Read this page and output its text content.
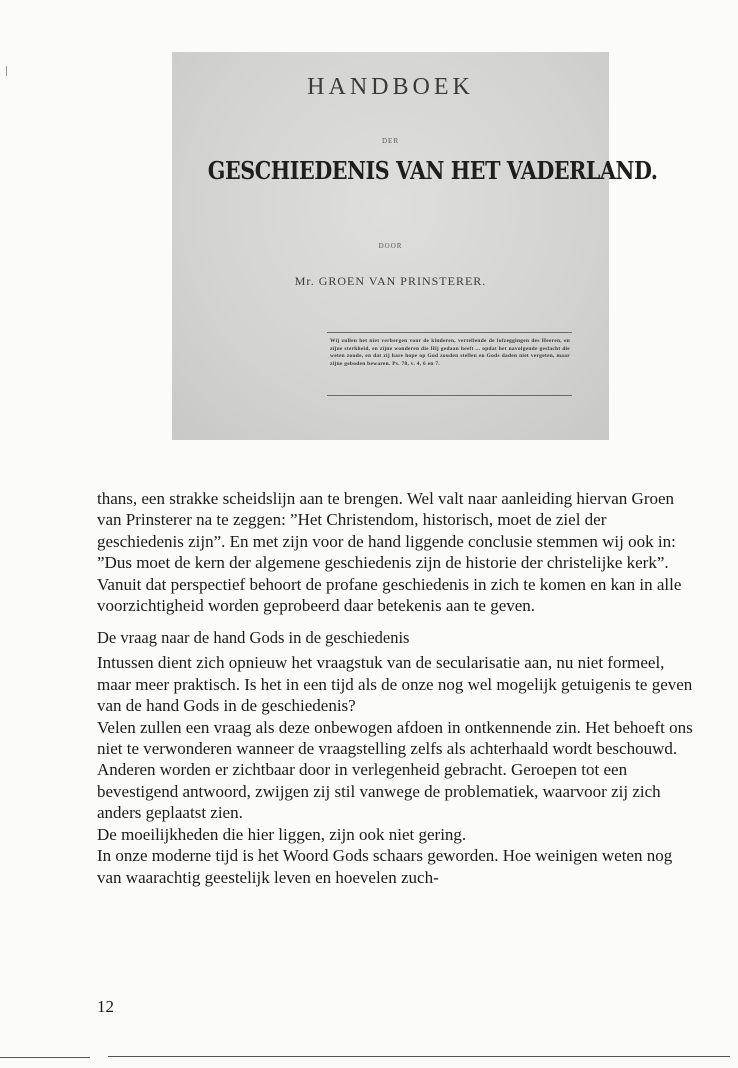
HANDBOEK
DER
GESCHIEDENIS VAN HET VADERLAND.
DOOR
Mr. GROEN VAN PRINSTERER.
Wij zullen het niet verbergen voor de kinderen, vertellende de lofzeggingen des Heeren, en zijne sterkheid, en zijne wonderen die Hij gedaan heeft ... opdat het navolgende geslacht die weten zoude, en dat zij hare hope op God zouden stellen en Gods daden niet vergeten, maar zijne geboden bewaren. Ps. 78, v. 4, 6 en 7.

thans, een strakke scheidslijn aan te brengen. Wel valt naar aanleiding hiervan Groen van Prinsterer na te zeggen: ”Het Christendom, historisch, moet de ziel der geschiedenis zijn”. En met zijn voor de hand liggende conclusie stemmen wij ook in: ”Dus moet de kern der algemene geschiedenis zijn de historie der christelijke kerk”. Vanuit dat perspectief behoort de profane geschiedenis in zich te komen en kan in alle voorzichtigheid worden geprobeerd daar betekenis aan te geven.

De vraag naar de hand Gods in de geschiedenis

Intussen dient zich opnieuw het vraagstuk van de secularisatie aan, nu niet formeel, maar meer praktisch. Is het in een tijd als de onze nog wel mogelijk getuigenis te geven van de hand Gods in de geschiedenis?

Velen zullen een vraag als deze onbewogen afdoen in ontkennende zin. Het behoeft ons niet te verwonderen wanneer de vraagstelling zelfs als achterhaald wordt beschouwd. Anderen worden er zichtbaar door in verlegenheid gebracht. Geroepen tot een bevestigend antwoord, zwijgen zij stil vanwege de problematiek, waarvoor zij zich anders geplaatst zien.

De moeilijkheden die hier liggen, zijn ook niet gering.

In onze moderne tijd is het Woord Gods schaars geworden. Hoe weinigen weten nog van waarachtig geestelijk leven en hoevelen zuch-

12
